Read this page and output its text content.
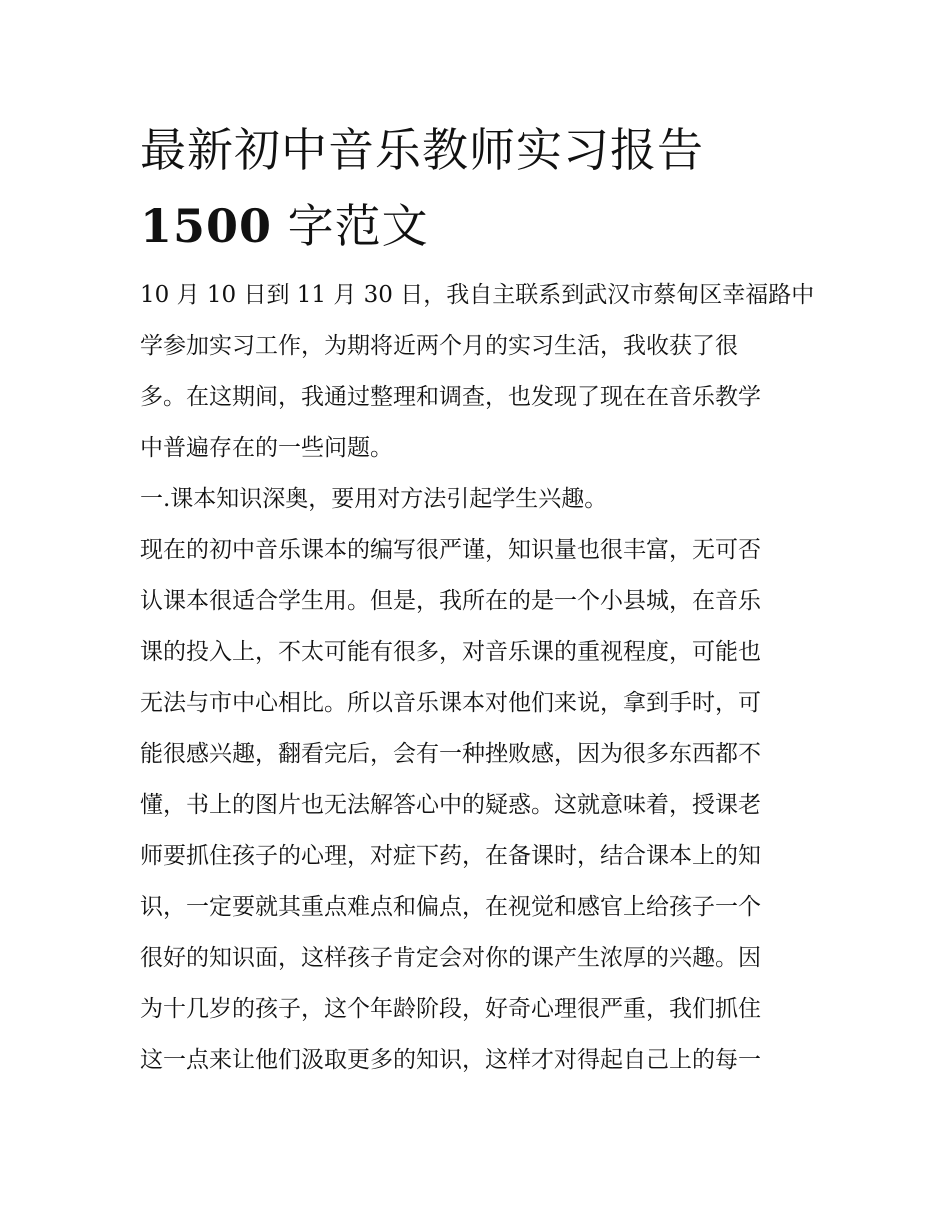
最新初中音乐教师实习报告
1500 字范文

10 月 10 日到 11 月 30 日，我自主联系到武汉市蔡甸区幸福路中

学参加实习工作，为期将近两个月的实习生活，我收获了很

多。在这期间，我通过整理和调查，也发现了现在在音乐教学

中普遍存在的一些问题。

一.课本知识深奥，要用对方法引起学生兴趣。

现在的初中音乐课本的编写很严谨，知识量也很丰富，无可否

认课本很适合学生用。但是，我所在的是一个小县城，在音乐

课的投入上，不太可能有很多，对音乐课的重视程度，可能也

无法与市中心相比。所以音乐课本对他们来说，拿到手时，可

能很感兴趣，翻看完后，会有一种挫败感，因为很多东西都不

懂，书上的图片也无法解答心中的疑惑。这就意味着，授课老

师要抓住孩子的心理，对症下药，在备课时，结合课本上的知

识，一定要就其重点难点和偏点，在视觉和感官上给孩子一个

很好的知识面，这样孩子肯定会对你的课产生浓厚的兴趣。因

为十几岁的孩子，这个年龄阶段，好奇心理很严重，我们抓住

这一点来让他们汲取更多的知识，这样才对得起自己上的每一
